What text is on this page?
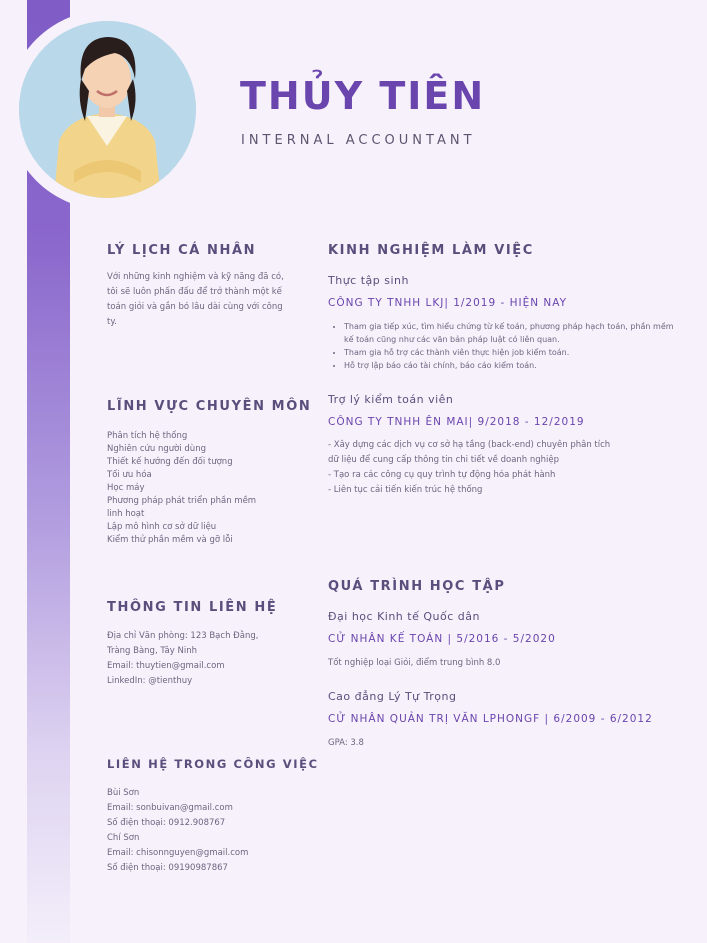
THỦY TIÊN
INTERNAL ACCOUNTANT
LÝ LỊCH CÁ NHÂN

Với những kinh nghiệm và kỹ năng đã có, tôi sẽ luôn phấn đấu để trở thành một kế toán giỏi và gắn bó lâu dài cùng với công ty.

LĨNH VỰC CHUYÊN MÔN
Phân tích hệ thống
Nghiên cứu người dùng
Thiết kế hướng đến đối tượng
Tối ưu hóa
Học máy
Phương pháp phát triển phần mềm
linh hoạt
Lập mô hình cơ sở dữ liệu
Kiểm thử phần mềm và gỡ lỗi
THÔNG TIN LIÊN HỆ
Địa chỉ Văn phòng: 123 Bạch Đằng,
Tràng Bàng, Tây Ninh
Email: thuytien@gmail.com
LinkedIn: @tienthuy
LIÊN HỆ TRONG CÔNG VIỆC
Bùi Sơn
Email: sonbuivan@gmail.com
Số điện thoại: 0912.908767
Chí Sơn
Email: chisonnguyen@gmail.com
Số điện thoại: 09190987867
KINH NGHIỆM LÀM VIỆC
Thực tập sinh
CÔNG TY TNHH LKJ| 1/2019 - HIỆN NAY
• Tham gia tiếp xúc, tìm hiểu chứng từ kế toán, phương pháp hạch toán, phần mềm kế toán cũng như các văn bản pháp luật có liên quan.
• Tham gia hỗ trợ các thành viên thực hiện job kiểm toán.
• Hỗ trợ lập báo cáo tài chính, báo cáo kiểm toán.
Trợ lý kiểm toán viên
CÔNG TY TNHH ÊN MAI| 9/2018 - 12/2019
- Xây dựng các dịch vụ cơ sở hạ tầng (back-end) chuyên phân tích
dữ liệu để cung cấp thông tin chi tiết về doanh nghiệp
- Tạo ra các công cụ quy trình tự động hóa phát hành
- Liên tục cải tiến kiến trúc hệ thống
QUÁ TRÌNH HỌC TẬP
Đại học Kinh tế Quốc dân
CỬ NHÂN KẾ TOÁN | 5/2016 - 5/2020

Tốt nghiệp loại Giỏi, điểm trung bình 8.0

Cao đẳng Lý Tự Trọng
CỬ NHÂN QUẢN TRỊ VĂN LPHONGF | 6/2009 - 6/2012

GPA: 3.8
